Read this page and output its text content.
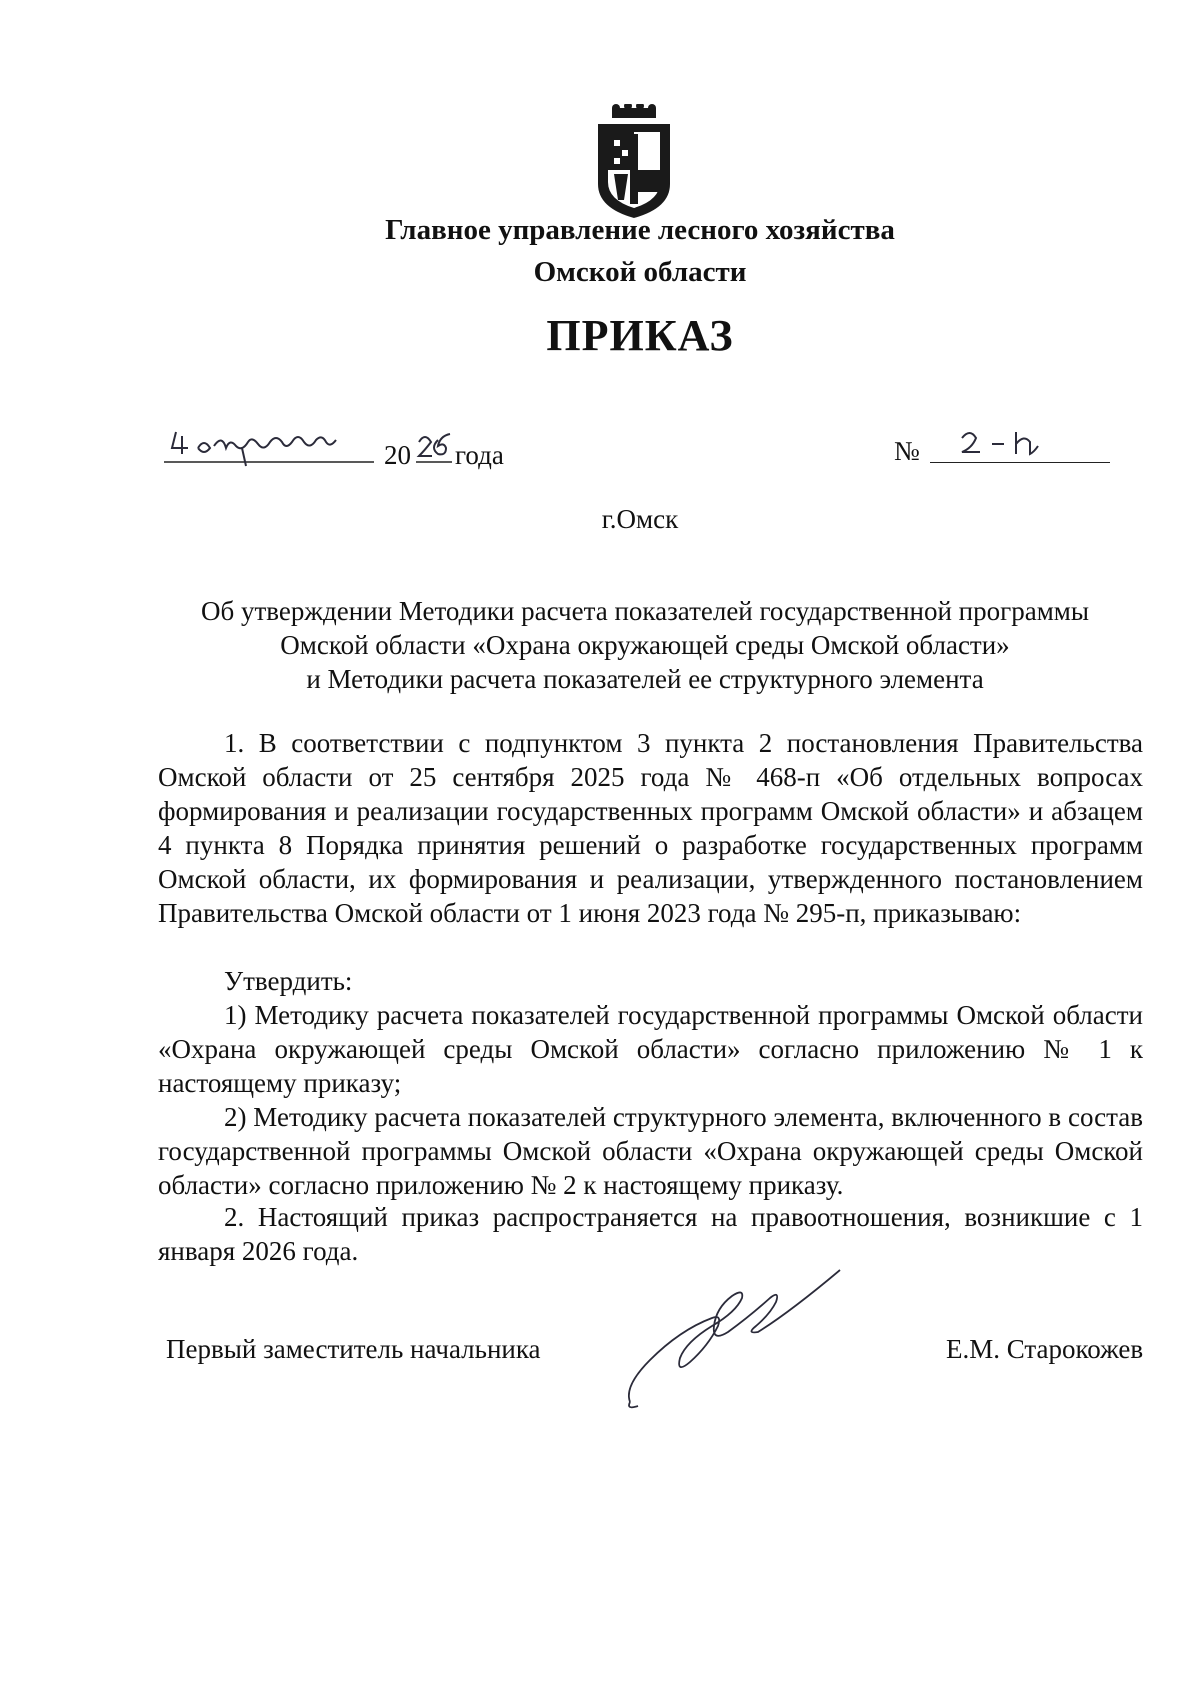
Главное управление лесного хозяйства
Омской области
ПРИКАЗ
20 года	№
г.Омск
Об утверждении Методики расчета показателей государственной программы
Омской области «Охрана окружающей среды Омской области»
и Методики расчета показателей ее структурного элемента
1. В соответствии с подпунктом 3 пункта 2 постановления Правительства Омской области от 25 сентября 2025 года № 468-п «Об отдельных вопросах формирования и реализации государственных программ Омской области» и абзацем 4 пункта 8 Порядка принятия решений о разработке государственных программ Омской области, их формирования и реализации, утвержденного постановлением Правительства Омской области от 1 июня 2023 года № 295-п, приказываю:
Утвердить:
1) Методику расчета показателей государственной программы Омской области «Охрана окружающей среды Омской области» согласно приложению № 1 к настоящему приказу;
2) Методику расчета показателей структурного элемента, включенного в состав государственной программы Омской области «Охрана окружающей среды Омской области» согласно приложению № 2 к настоящему приказу.
2. Настоящий приказ распространяется на правоотношения, возникшие с 1 января 2026 года.
Первый заместитель начальника	Е.М. Старокожев
